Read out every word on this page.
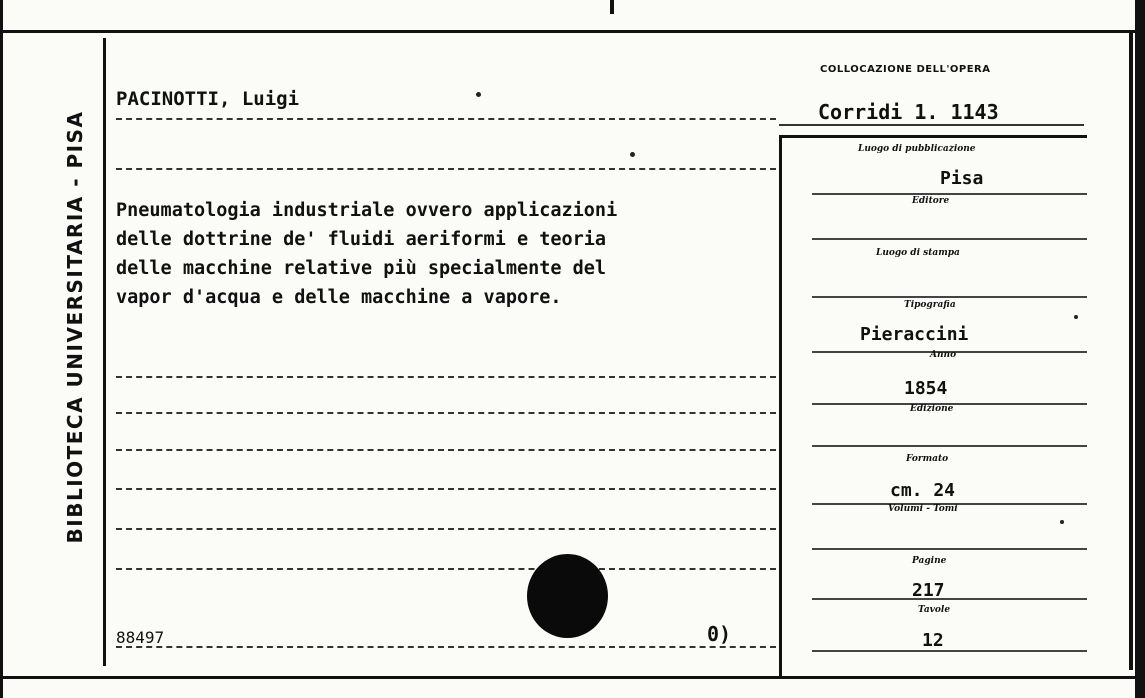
BIBLIOTECA UNIVERSITARIA - PISA
PACINOTTI, Luigi
Pneumatologia industriale ovvero applicazioni
delle dottrine de' fluidi aeriformi e teoria
delle macchine relative più specialmente del
vapor d'acqua e delle macchine a vapore.
88497	0)
COLLOCAZIONE DELL'OPERA
Corridi 1. 1143
Luogo di pubblicazione
Pisa
Editore
Luogo di stampa
Tipografia
Pieraccini
Anno
1854
Edizione
Formato
cm. 24
Volumi - Tomi
Pagine
217
Tavole
12
